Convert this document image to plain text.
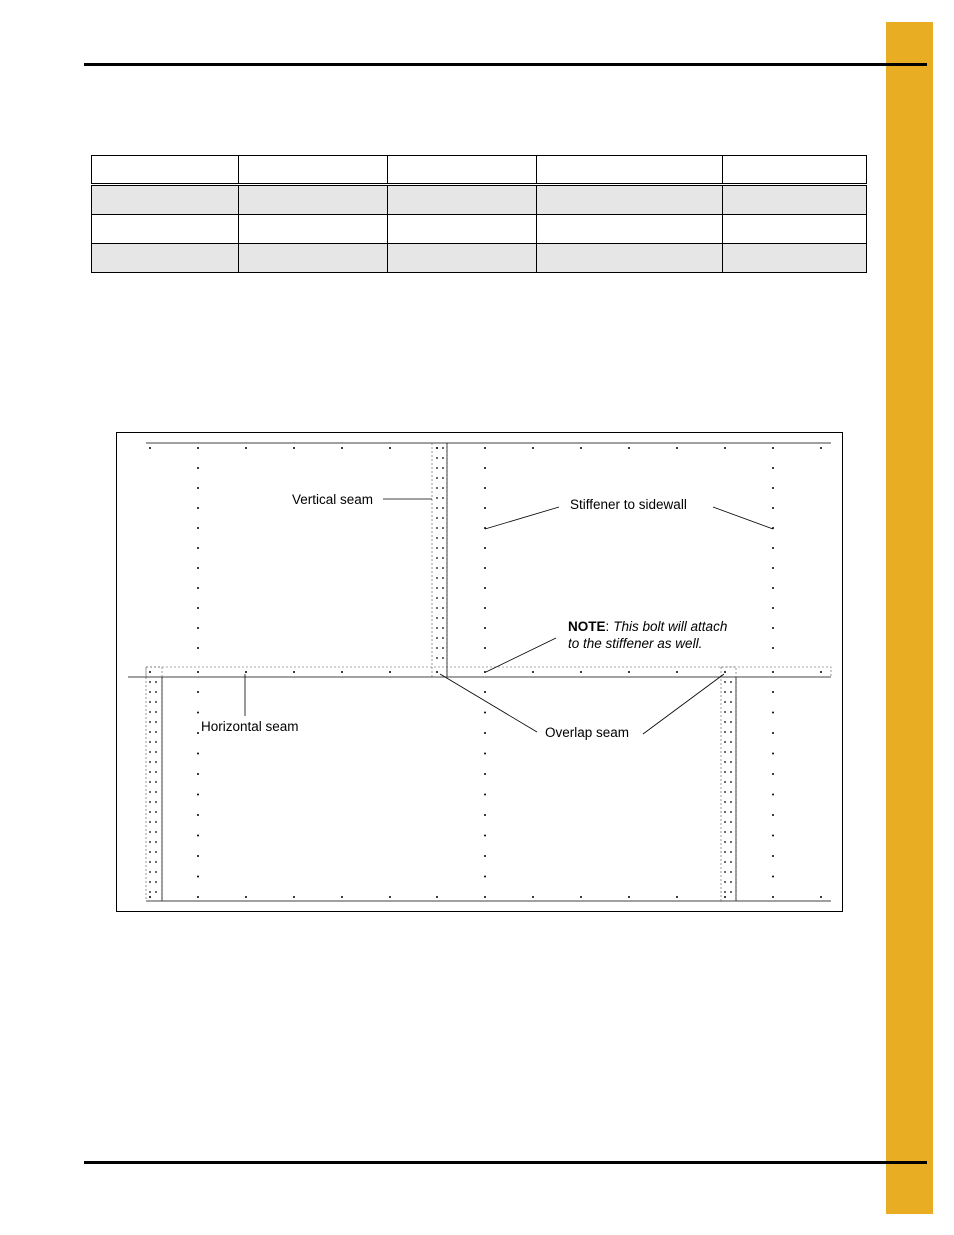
Vertical seam	Stiffener to sidewall
NOTE: This bolt will attach
to the stiffener as well.
Horizontal seam	Overlap seam
